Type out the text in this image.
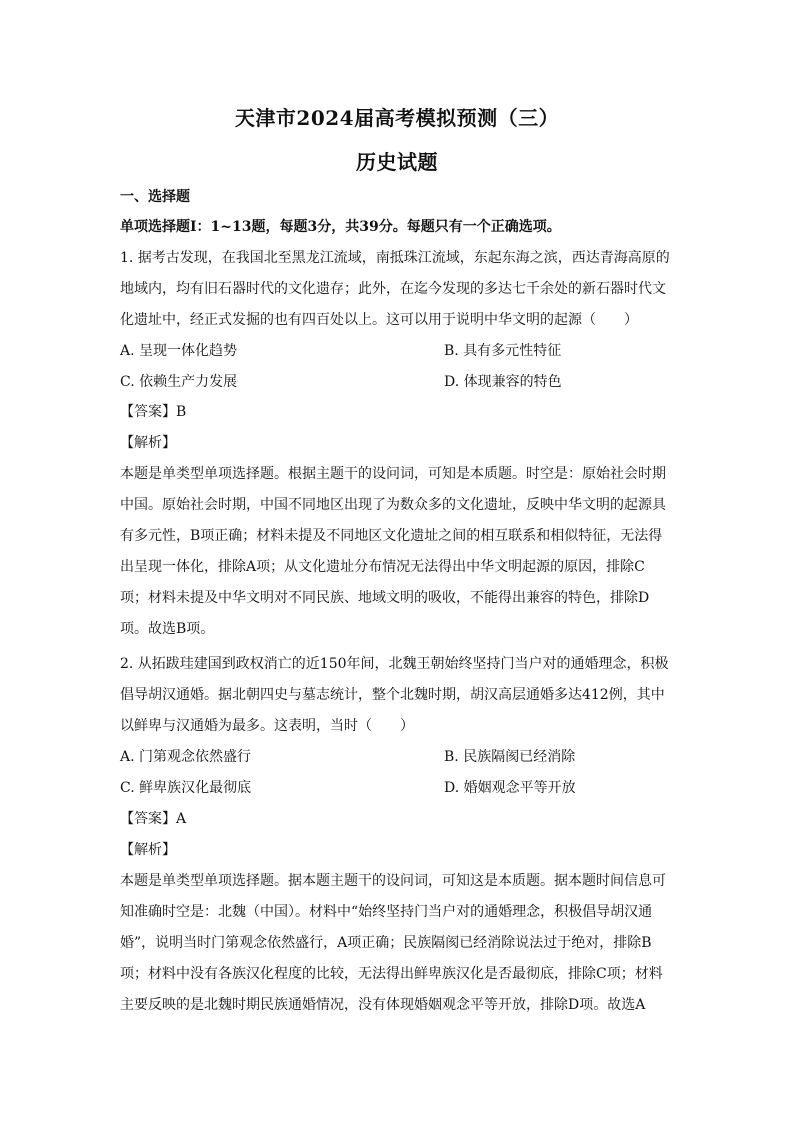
天津市2024届高考模拟预测（三）
历史试题
一、选择题
单项选择题Ⅰ：1~13题，每题3分，共39分。每题只有一个正确选项。
1. 据考古发现，在我国北至黑龙江流域，南抵珠江流域，东起东海之滨，西达青海高原的
地域内，均有旧石器时代的文化遗存；此外，在迄今发现的多达七千余处的新石器时代文
化遗址中，经正式发掘的也有四百处以上。这可以用于说明中华文明的起源（　　）
A. 呈现一体化趋势	B. 具有多元性特征
C. 依赖生产力发展	D. 体现兼容的特色
【答案】B
【解析】
本题是单类型单项选择题。根据主题干的设问词，可知是本质题。时空是：原始社会时期
中国。原始社会时期，中国不同地区出现了为数众多的文化遗址，反映中华文明的起源具
有多元性，B项正确；材料未提及不同地区文化遗址之间的相互联系和相似特征，无法得
出呈现一体化，排除A项；从文化遗址分布情况无法得出中华文明起源的原因，排除C
项；材料未提及中华文明对不同民族、地域文明的吸收，不能得出兼容的特色，排除D
项。故选B项。
2. 从拓跋珪建国到政权消亡的近150年间，北魏王朝始终坚持门当户对的通婚理念，积极
倡导胡汉通婚。据北朝四史与墓志统计，整个北魏时期，胡汉高层通婚多达412例，其中
以鲜卑与汉通婚为最多。这表明，当时（　　）
A. 门第观念依然盛行	B. 民族隔阂已经消除
C. 鲜卑族汉化最彻底	D. 婚姻观念平等开放
【答案】A
【解析】
本题是单类型单项选择题。据本题主题干的设问词，可知这是本质题。据本题时间信息可
知准确时空是：北魏（中国）。材料中“始终坚持门当户对的通婚理念，积极倡导胡汉通
婚”，说明当时门第观念依然盛行，A项正确；民族隔阂已经消除说法过于绝对，排除B
项；材料中没有各族汉化程度的比较，无法得出鲜卑族汉化是否最彻底，排除C项；材料
主要反映的是北魏时期民族通婚情况，没有体现婚姻观念平等开放，排除D项。故选A
